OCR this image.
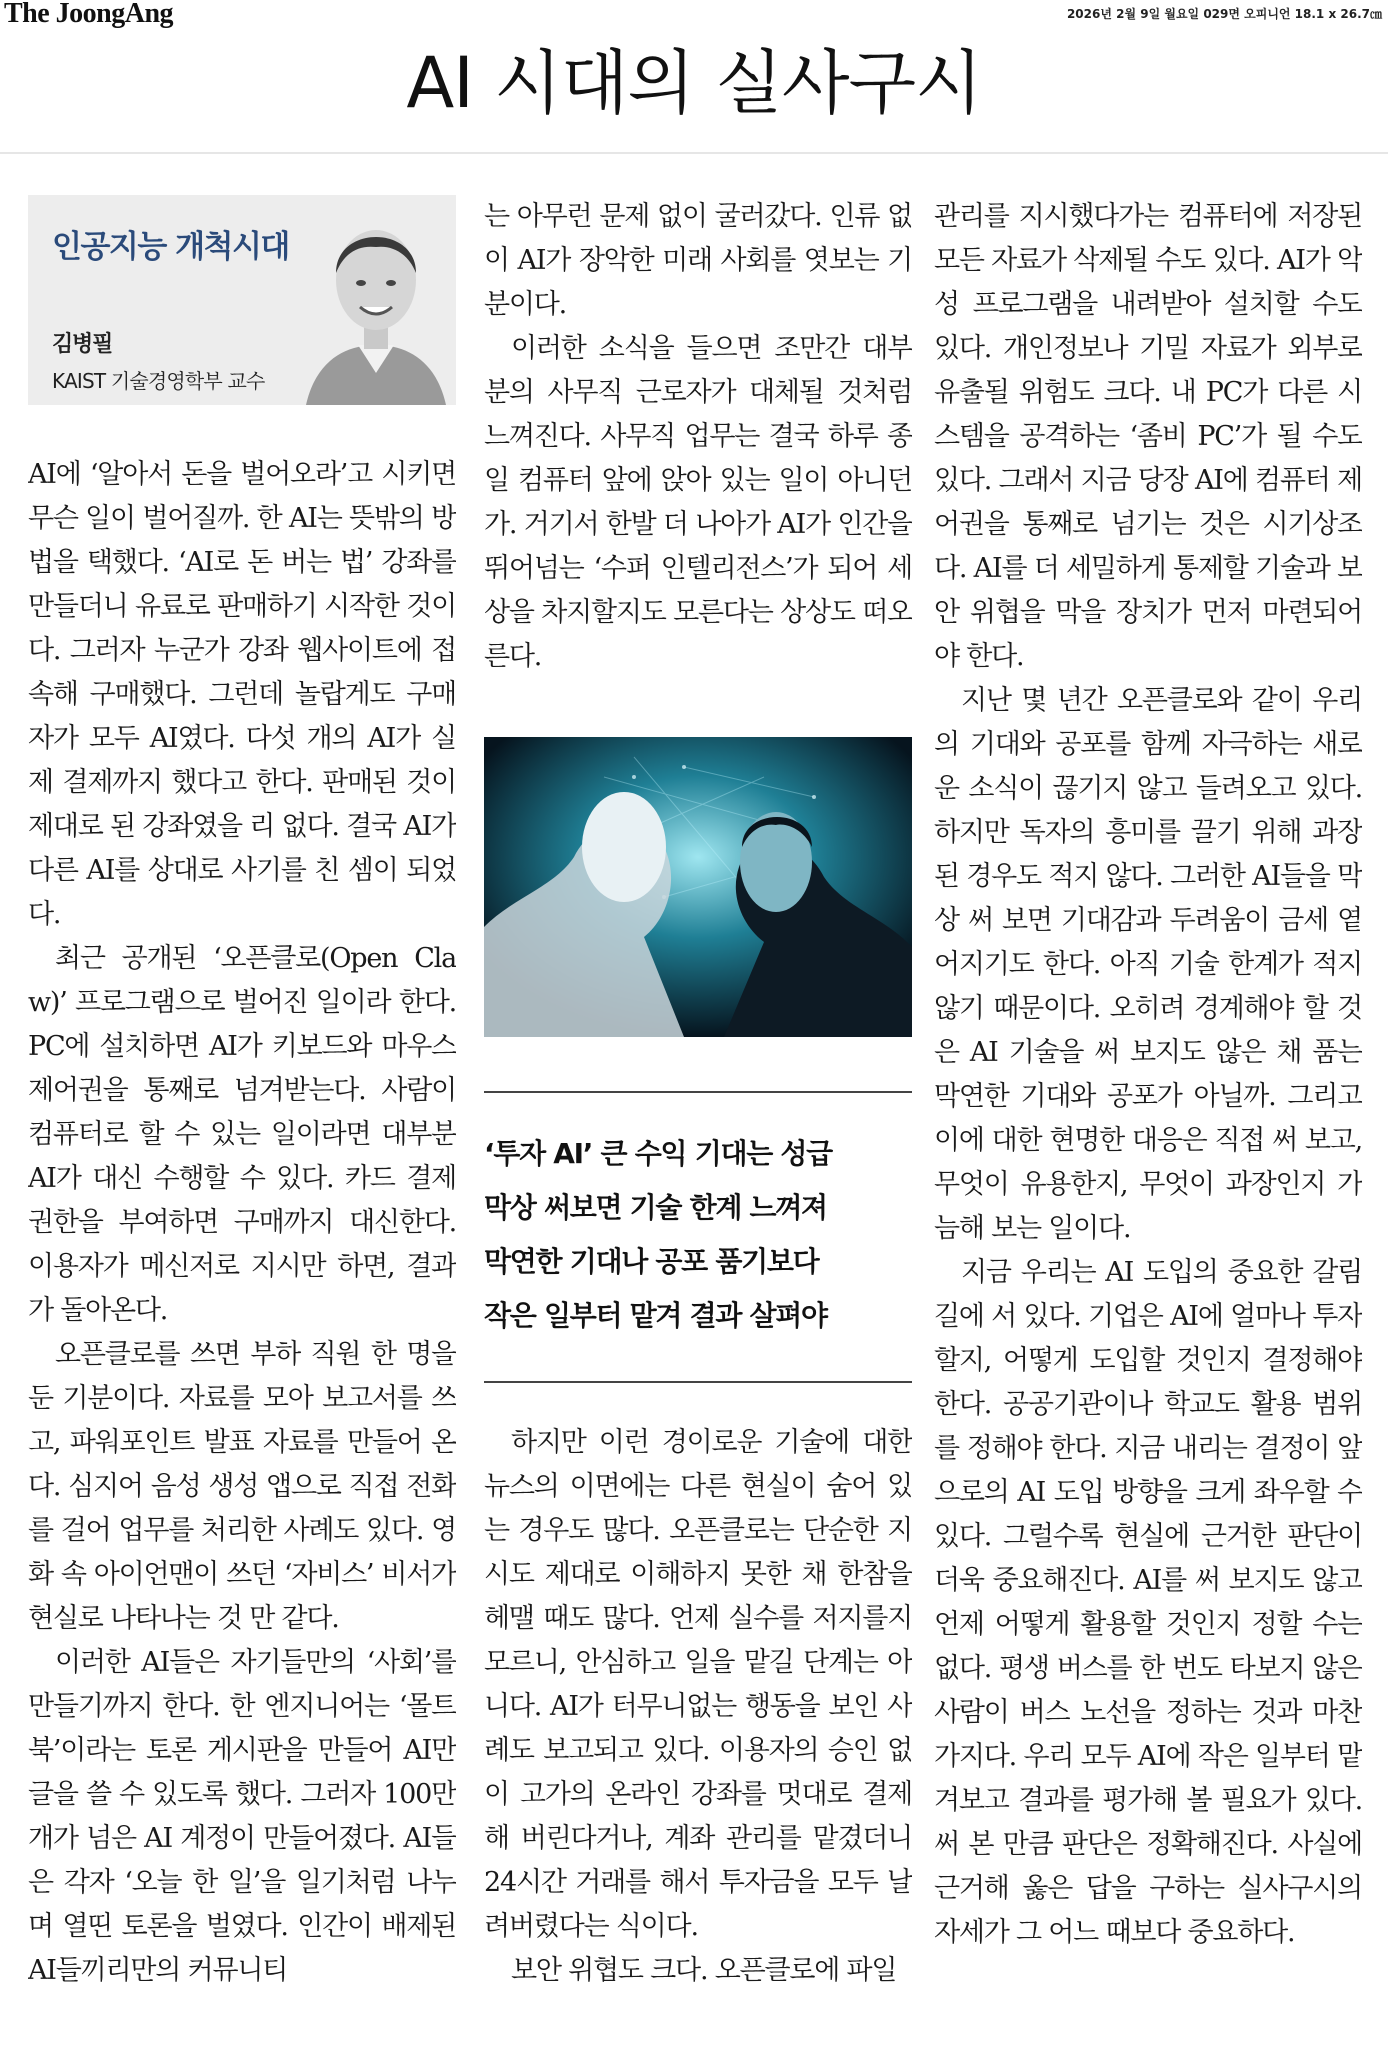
The JoongAng	2026년 2월 9일 월요일 029면 오피니언 18.1 x 26.7㎝
AI 시대의 실사구시
인공지능 개척시대
김병필
KAIST 기술경영학부 교수

AI에 ‘알아서 돈을 벌어오라’고 시키면 무슨 일이 벌어질까. 한 AI는 뜻밖의 방법을 택했다. ‘AI로 돈 버는 법’ 강좌를 만들더니 유료로 판매하기 시작한 것이다. 그러자 누군가 강좌 웹사이트에 접속해 구매했다. 그런데 놀랍게도 구매자가 모두 AI였다. 다섯 개의 AI가 실제 결제까지 했다고 한다. 판매된 것이 제대로 된 강좌였을 리 없다. 결국 AI가 다른 AI를 상대로 사기를 친 셈이 되었다.

최근 공개된 ‘오픈클로(Open Claw)’ 프로그램으로 벌어진 일이라 한다. PC에 설치하면 AI가 키보드와 마우스 제어권을 통째로 넘겨받는다. 사람이 컴퓨터로 할 수 있는 일이라면 대부분 AI가 대신 수행할 수 있다. 카드 결제 권한을 부여하면 구매까지 대신한다. 이용자가 메신저로 지시만 하면, 결과가 돌아온다.

오픈클로를 쓰면 부하 직원 한 명을 둔 기분이다. 자료를 모아 보고서를 쓰고, 파워포인트 발표 자료를 만들어 온다. 심지어 음성 생성 앱으로 직접 전화를 걸어 업무를 처리한 사례도 있다. 영화 속 아이언맨이 쓰던 ‘자비스’ 비서가 현실로 나타나는 것 만 같다.

이러한 AI들은 자기들만의 ‘사회’를 만들기까지 한다. 한 엔지니어는 ‘몰트북’이라는 토론 게시판을 만들어 AI만 글을 쓸 수 있도록 했다. 그러자 100만 개가 넘은 AI 계정이 만들어졌다. AI들은 각자 ‘오늘 한 일’을 일기처럼 나누며 열띤 토론을 벌였다. 인간이 배제된 AI들끼리만의 커뮤니티

는 아무런 문제 없이 굴러갔다. 인류 없이 AI가 장악한 미래 사회를 엿보는 기분이다.

이러한 소식을 들으면 조만간 대부분의 사무직 근로자가 대체될 것처럼 느껴진다. 사무직 업무는 결국 하루 종일 컴퓨터 앞에 앉아 있는 일이 아니던가. 거기서 한발 더 나아가 AI가 인간을 뛰어넘는 ‘수퍼 인텔리전스’가 되어 세상을 차지할지도 모른다는 상상도 떠오른다.

‘투자 AI’ 큰 수익 기대는 성급
막상 써보면 기술 한계 느껴져
막연한 기대나 공포 품기보다
작은 일부터 맡겨 결과 살펴야

하지만 이런 경이로운 기술에 대한 뉴스의 이면에는 다른 현실이 숨어 있는 경우도 많다. 오픈클로는 단순한 지시도 제대로 이해하지 못한 채 한참을 헤맬 때도 많다. 언제 실수를 저지를지 모르니, 안심하고 일을 맡길 단계는 아니다. AI가 터무니없는 행동을 보인 사례도 보고되고 있다. 이용자의 승인 없이 고가의 온라인 강좌를 멋대로 결제해 버린다거나, 계좌 관리를 맡겼더니 24시간 거래를 해서 투자금을 모두 날려버렸다는 식이다.

보안 위협도 크다. 오픈클로에 파일

관리를 지시했다가는 컴퓨터에 저장된 모든 자료가 삭제될 수도 있다. AI가 악성 프로그램을 내려받아 설치할 수도 있다. 개인정보나 기밀 자료가 외부로 유출될 위험도 크다. 내 PC가 다른 시스템을 공격하는 ‘좀비 PC’가 될 수도 있다. 그래서 지금 당장 AI에 컴퓨터 제어권을 통째로 넘기는 것은 시기상조다. AI를 더 세밀하게 통제할 기술과 보안 위협을 막을 장치가 먼저 마련되어야 한다.

지난 몇 년간 오픈클로와 같이 우리의 기대와 공포를 함께 자극하는 새로운 소식이 끊기지 않고 들려오고 있다. 하지만 독자의 흥미를 끌기 위해 과장된 경우도 적지 않다. 그러한 AI들을 막상 써 보면 기대감과 두려움이 금세 옅어지기도 한다. 아직 기술 한계가 적지 않기 때문이다. 오히려 경계해야 할 것은 AI 기술을 써 보지도 않은 채 품는 막연한 기대와 공포가 아닐까. 그리고 이에 대한 현명한 대응은 직접 써 보고, 무엇이 유용한지, 무엇이 과장인지 가늠해 보는 일이다.

지금 우리는 AI 도입의 중요한 갈림길에 서 있다. 기업은 AI에 얼마나 투자할지, 어떻게 도입할 것인지 결정해야 한다. 공공기관이나 학교도 활용 범위를 정해야 한다. 지금 내리는 결정이 앞으로의 AI 도입 방향을 크게 좌우할 수 있다. 그럴수록 현실에 근거한 판단이 더욱 중요해진다. AI를 써 보지도 않고 언제 어떻게 활용할 것인지 정할 수는 없다. 평생 버스를 한 번도 타보지 않은 사람이 버스 노선을 정하는 것과 마찬가지다. 우리 모두 AI에 작은 일부터 맡겨보고 결과를 평가해 볼 필요가 있다. 써 본 만큼 판단은 정확해진다. 사실에 근거해 옳은 답을 구하는 실사구시의 자세가 그 어느 때보다 중요하다.
